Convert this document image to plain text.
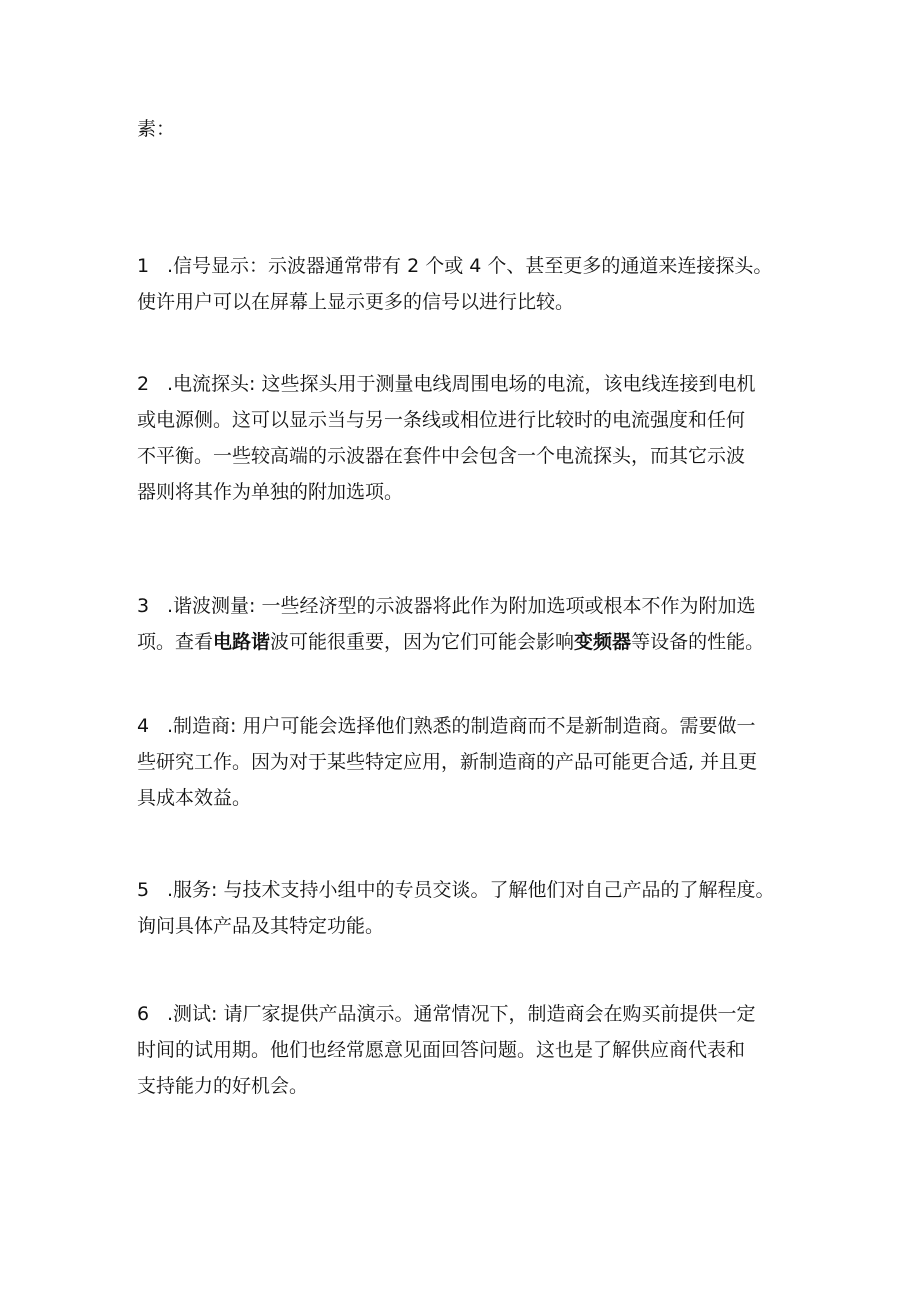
素：

1 .信号显示：示波器通常带有 2 个或 4 个、甚至更多的通道来连接探头。
使许用户可以在屏幕上显示更多的信号以进行比较。
2 .电流探头: 这些探头用于测量电线周围电场的电流，该电线连接到电机
或电源侧。这可以显示当与另一条线或相位进行比较时的电流强度和任何
不平衡。一些较高端的示波器在套件中会包含一个电流探头，而其它示波
器则将其作为单独的附加选项。
3 .谐波测量: 一些经济型的示波器将此作为附加选项或根本不作为附加选
项。查看电路谐波可能很重要，因为它们可能会影响变频器等设备的性能。
4 .制造商: 用户可能会选择他们熟悉的制造商而不是新制造商。需要做一
些研究工作。因为对于某些特定应用，新制造商的产品可能更合适, 并且更
具成本效益。
5 .服务: 与技术支持小组中的专员交谈。了解他们对自己产品的了解程度。
询问具体产品及其特定功能。
6 .测试: 请厂家提供产品演示。通常情况下，制造商会在购买前提供一定
时间的试用期。他们也经常愿意见面回答问题。这也是了解供应商代表和
支持能力的好机会。
